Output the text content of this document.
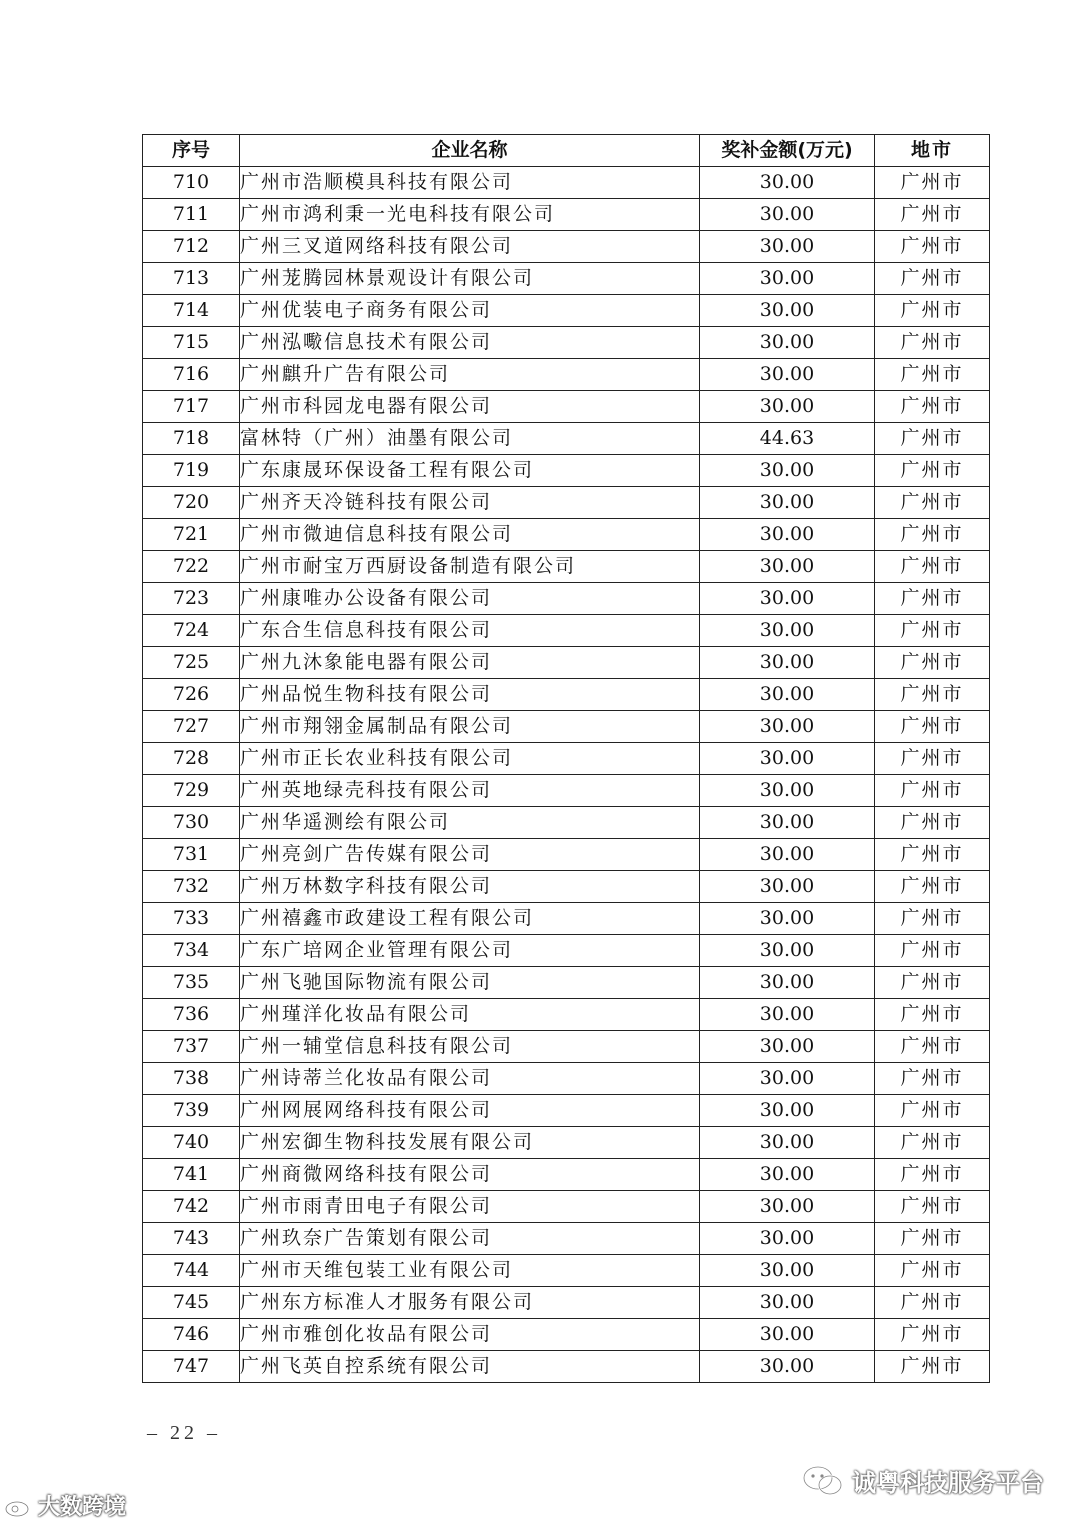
序号	企业名称	奖补金额(万元)	地市
710	广州市浩顺模具科技有限公司	30.00	广州市
711	广州市鸿利秉一光电科技有限公司	30.00	广州市
712	广州三叉道网络科技有限公司	30.00	广州市
713	广州茏腾园林景观设计有限公司	30.00	广州市
714	广州优装电子商务有限公司	30.00	广州市
715	广州泓㘐信息技术有限公司	30.00	广州市
716	广州麒升广告有限公司	30.00	广州市
717	广州市科园龙电器有限公司	30.00	广州市
718	富林特（广州）油墨有限公司	44.63	广州市
719	广东康晟环保设备工程有限公司	30.00	广州市
720	广州齐天冷链科技有限公司	30.00	广州市
721	广州市微迪信息科技有限公司	30.00	广州市
722	广州市耐宝万西厨设备制造有限公司	30.00	广州市
723	广州康唯办公设备有限公司	30.00	广州市
724	广东合生信息科技有限公司	30.00	广州市
725	广州九沐象能电器有限公司	30.00	广州市
726	广州品悦生物科技有限公司	30.00	广州市
727	广州市翔翎金属制品有限公司	30.00	广州市
728	广州市正长农业科技有限公司	30.00	广州市
729	广州英地绿壳科技有限公司	30.00	广州市
730	广州华遥测绘有限公司	30.00	广州市
731	广州亮剑广告传媒有限公司	30.00	广州市
732	广州万林数字科技有限公司	30.00	广州市
733	广州禧鑫市政建设工程有限公司	30.00	广州市
734	广东广培网企业管理有限公司	30.00	广州市
735	广州飞驰国际物流有限公司	30.00	广州市
736	广州瑾洋化妆品有限公司	30.00	广州市
737	广州一辅堂信息科技有限公司	30.00	广州市
738	广州诗蒂兰化妆品有限公司	30.00	广州市
739	广州网展网络科技有限公司	30.00	广州市
740	广州宏御生物科技发展有限公司	30.00	广州市
741	广州商微网络科技有限公司	30.00	广州市
742	广州市雨青田电子有限公司	30.00	广州市
743	广州玖奈广告策划有限公司	30.00	广州市
744	广州市天维包装工业有限公司	30.00	广州市
745	广州东方标准人才服务有限公司	30.00	广州市
746	广州市雅创化妆品有限公司	30.00	广州市
747	广州飞英自控系统有限公司	30.00	广州市
– 22 –
大数跨境
诚粤科技服务平台
